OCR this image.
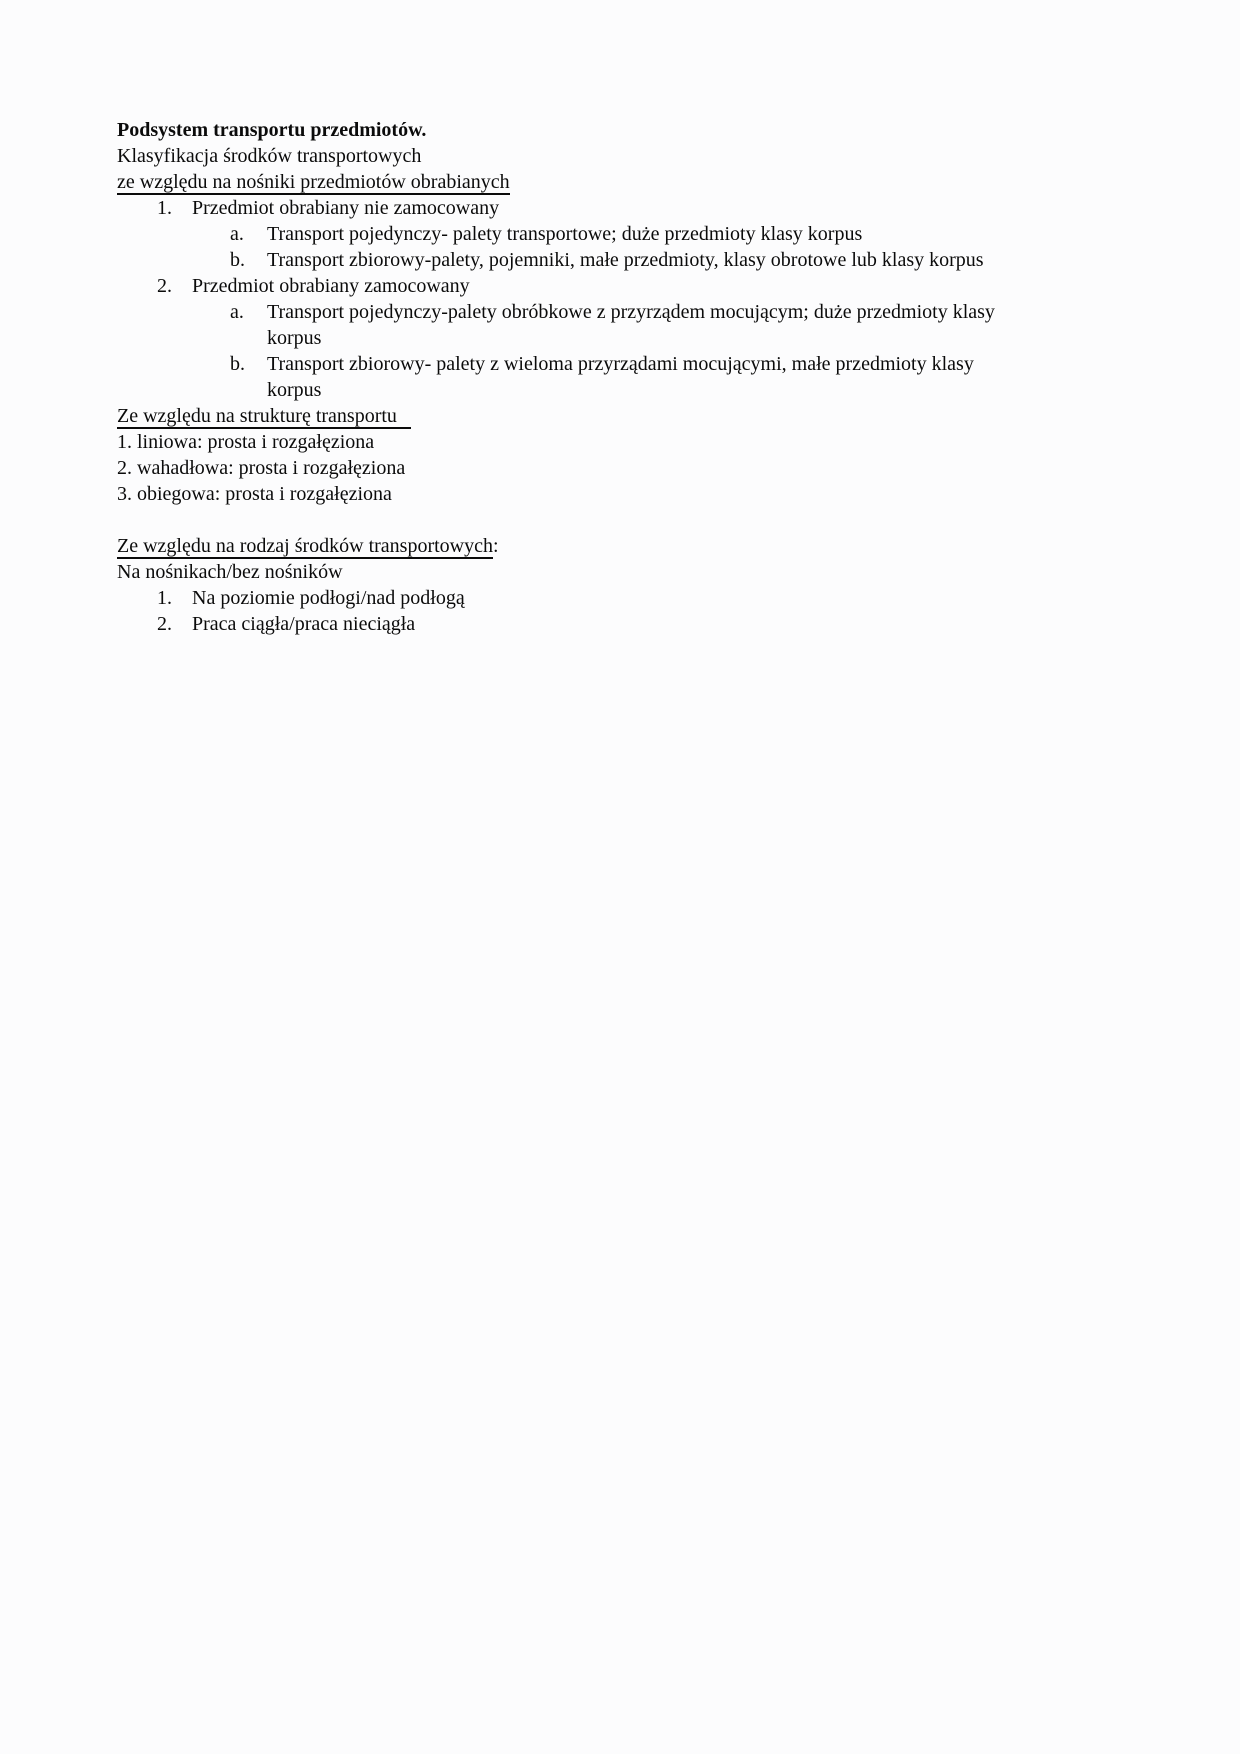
Podsystem transportu przedmiotów.

Klasyfikacja środków transportowych

ze względu na nośniki przedmiotów obrabianych

1. Przedmiot obrabiany nie zamocowany
a. Transport pojedynczy- palety transportowe; duże przedmioty klasy korpus
b. Transport zbiorowy-palety, pojemniki, małe przedmioty, klasy obrotowe lub klasy korpus
2. Przedmiot obrabiany zamocowany
a. Transport pojedynczy-palety obróbkowe z przyrządem mocującym; duże przedmioty klasy
korpus
b. Transport zbiorowy- palety z wieloma przyrządami mocującymi, małe przedmioty klasy
korpus

Ze względu na strukturę transportu

1. liniowa: prosta i rozgałęziona

2. wahadłowa: prosta i rozgałęziona

3. obiegowa: prosta i rozgałęziona

Ze względu na rodzaj środków transportowych:

Na nośnikach/bez nośników

1. Na poziomie podłogi/nad podłogą
2. Praca ciągła/praca nieciągła
